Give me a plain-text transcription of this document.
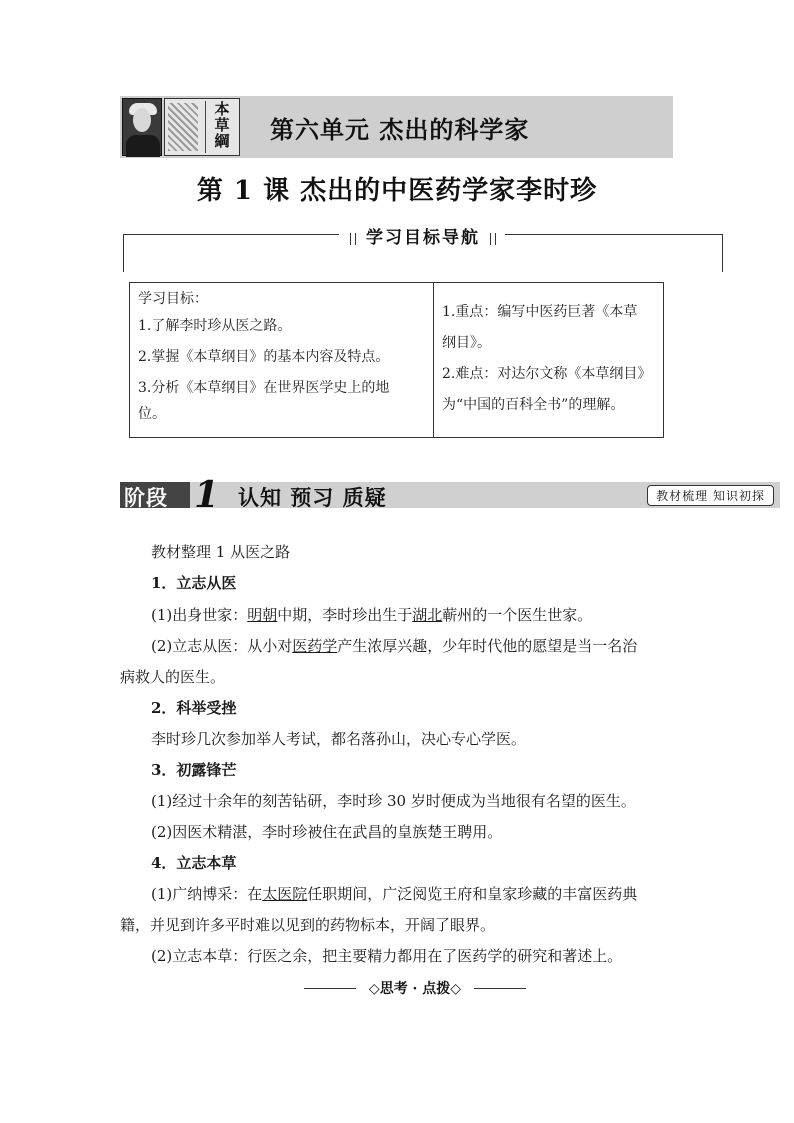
本
草
綱	第六单元 杰出的科学家
第 1 课 杰出的中医药学家李时珍
学习目标导航
学习目标：
1.了解李时珍从医之路。
2.掌握《本草纲目》的基本内容及特点。
3.分析《本草纲目》在世界医学史上的地
位。
1.重点：编写中医药巨著《本草
纲目》。
2.难点：对达尔文称《本草纲目》
为“中国的百科全书”的理解。
阶段 1 认知 预习 质疑	教材梳理 知识初探
教材整理 1 从医之路
1．立志从医
(1)出身世家：明朝中期，李时珍出生于湖北蕲州的一个医生世家。
(2)立志从医：从小对医药学产生浓厚兴趣，少年时代他的愿望是当一名治
病救人的医生。
2．科举受挫
李时珍几次参加举人考试，都名落孙山，决心专心学医。
3．初露锋芒
(1)经过十余年的刻苦钻研，李时珍 30 岁时便成为当地很有名望的医生。
(2)因医术精湛，李时珍被住在武昌的皇族楚王聘用。
4．立志本草
(1)广纳博采：在太医院任职期间，广泛阅览王府和皇家珍藏的丰富医药典
籍，并见到许多平时难以见到的药物标本，开阔了眼界。
(2)立志本草：行医之余，把主要精力都用在了医药学的研究和著述上。
◇思考 · 点拨◇
